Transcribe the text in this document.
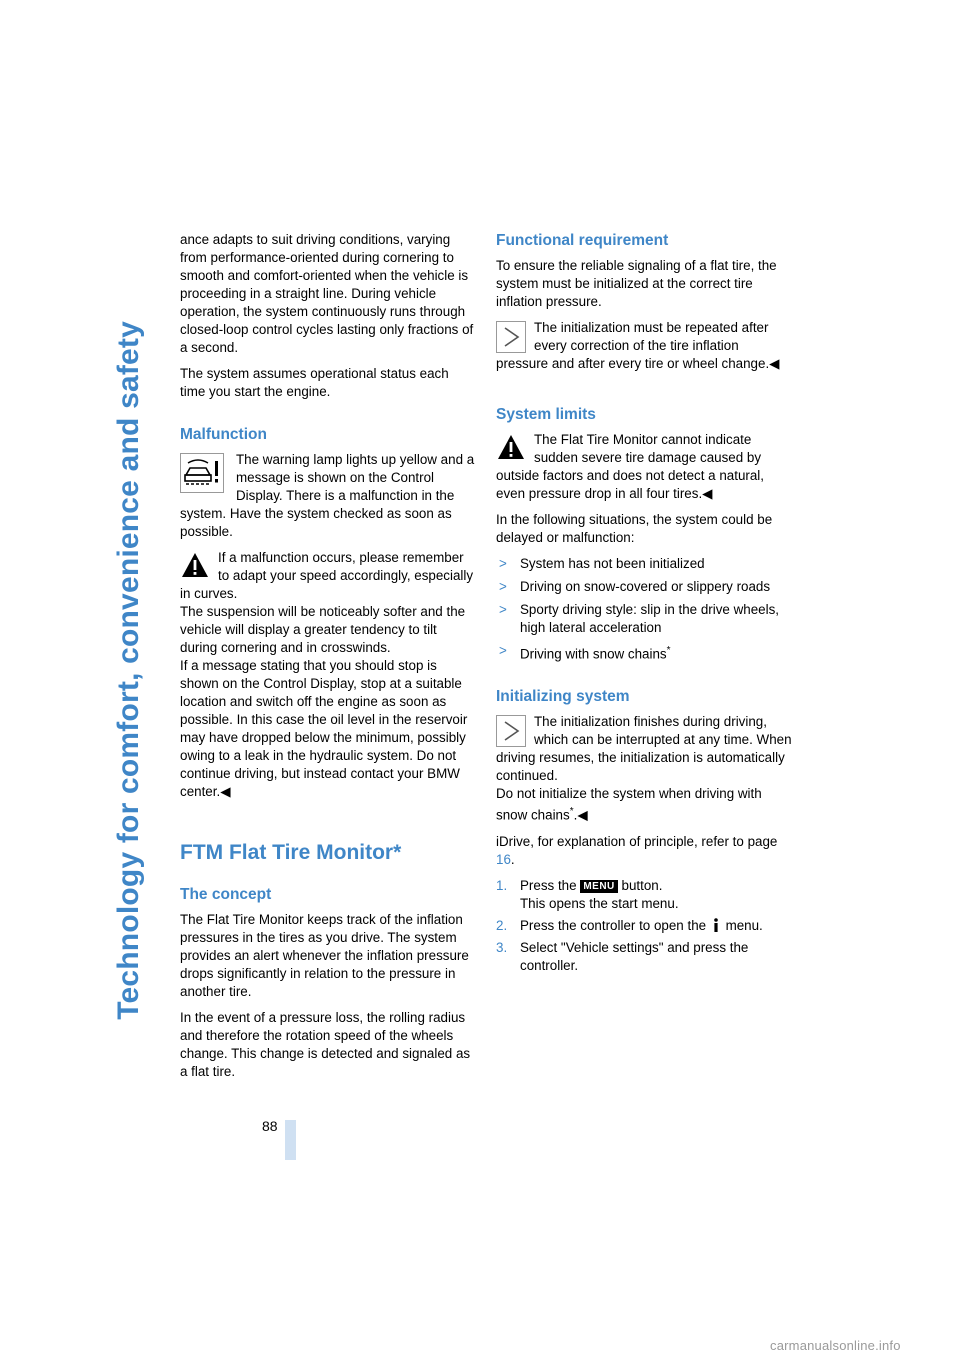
Technology for comfort, convenience and safety

ance adapts to suit driving conditions, varying from performance-oriented during cornering to smooth and comfort-oriented when the vehicle is proceeding in a straight line. During vehicle operation, the system continuously runs through closed-loop control cycles lasting only fractions of a second.

The system assumes operational status each time you start the engine.

Malfunction

The warning lamp lights up yellow and a message is shown on the Control Display. There is a malfunction in the system. Have the system checked as soon as possible.

If a malfunction occurs, please remember to adapt your speed accordingly, especially in curves.

The suspension will be noticeably softer and the vehicle will display a greater tendency to tilt during cornering and in crosswinds.

If a message stating that you should stop is shown on the Control Display, stop at a suitable location and switch off the engine as soon as possible. In this case the oil level in the reservoir may have dropped below the minimum, possibly owing to a leak in the hydraulic system. Do not continue driving, but instead contact your BMW center.◀

FTM Flat Tire Monitor*
The concept

The Flat Tire Monitor keeps track of the inflation pressures in the tires as you drive. The system provides an alert whenever the inflation pressure drops significantly in relation to the pressure in another tire.

In the event of a pressure loss, the rolling radius and therefore the rotation speed of the wheels change. This change is detected and signaled as a flat tire.

Functional requirement

To ensure the reliable signaling of a flat tire, the system must be initialized at the correct tire inflation pressure.

The initialization must be repeated after every correction of the tire inflation pressure and after every tire or wheel change.◀

System limits

The Flat Tire Monitor cannot indicate sudden severe tire damage caused by outside factors and does not detect a natural, even pressure drop in all four tires.◀

In the following situations, the system could be delayed or malfunction:

> System has not been initialized
> Driving on snow-covered or slippery roads
> Sporty driving style: slip in the drive wheels, high lateral acceleration
> Driving with snow chains*
Initializing system

The initialization finishes during driving, which can be interrupted at any time. When driving resumes, the initialization is automatically continued.

Do not initialize the system when driving with snow chains*.◀

iDrive, for explanation of principle, refer to page 16.

1. Press the MENU button.
This opens the start menu.
2. Press the controller to open the menu.
3. Select "Vehicle settings" and press the controller.
88
carmanualsonline.info
